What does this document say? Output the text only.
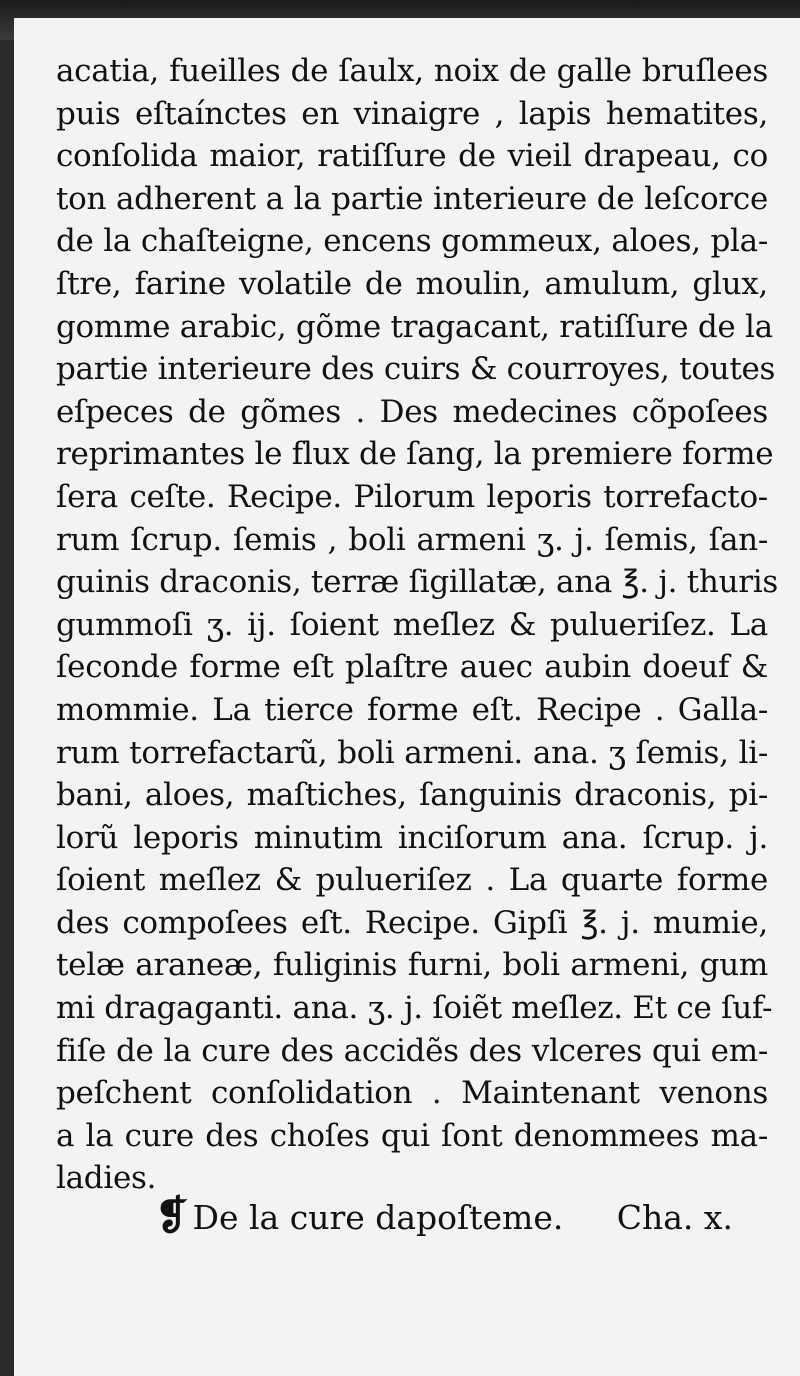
acatia, fueilles de ſaulx, noix de galle bruſlees
puis eſtaínctes en vinaigre , lapis hematites,
conſolida maior, ratiſſure de vieil drapeau, co
ton adherent a la partie interieure de leſcorce
de la chaſteigne, encens gommeux, aloes, pla-
ſtre, farine volatile de moulin, amulum, glux,
gomme arabic, gõme tragacant, ratiſſure de la
partie interieure des cuirs & courroyes, toutes
eſpeces de gõmes . Des medecines cõpoſees
reprimantes le flux de ſang, la premiere forme
ſera ceſte. Recipe. Pilorum leporis torrefacto-
rum ſcrup. ſemis , boli armeni ʒ. j. ſemis, ſan-
guinis draconis, terræ ſigillatæ, ana ℥. j. thuris
gummoſi ʒ. ij. ſoient meſlez & pulueriſez. La
ſeconde forme eſt plaſtre auec aubin doeuf &
mommie. La tierce forme eſt. Recipe . Galla-
rum torrefactarũ, boli armeni. ana. ʒ ſemis, li-
bani, aloes, maſtiches, ſanguinis draconis, pi-
lorũ leporis minutim inciſorum ana. ſcrup. j.
ſoient meſlez & pulueriſez . La quarte forme
des compoſees eſt. Recipe. Gipſi ℥. j. mumie,
telæ araneæ, fuliginis furni, boli armeni, gum
mi dragaganti. ana. ʒ. j. ſoiẽt meſlez. Et ce ſuf-
fiſe de la cure des accidẽs des vlceres qui em-
peſchent conſolidation . Maintenant venons
a la cure des choſes qui ſont denommees ma-
ladies.
❡ De la cure dapoſteme. Cha. x.
